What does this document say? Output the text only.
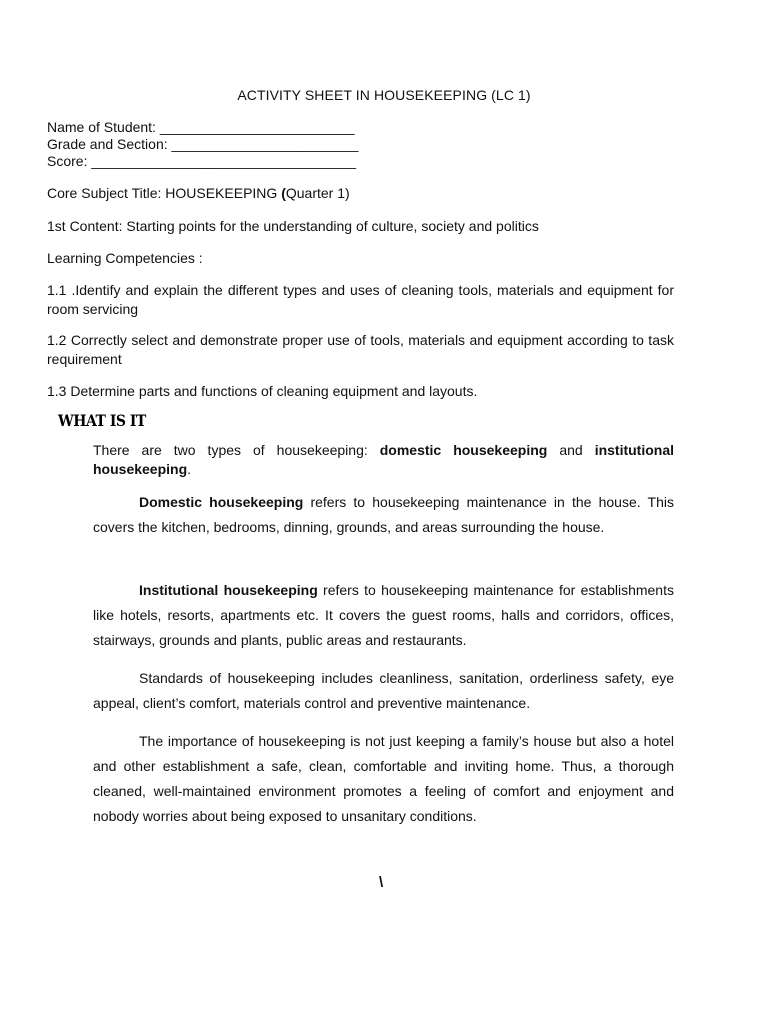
ACTIVITY SHEET IN HOUSEKEEPING (LC 1)
Name of Student: _________________________
Grade and Section: ________________________
Score: __________________________________
Core Subject Title: HOUSEKEEPING (Quarter 1)
1st Content: Starting points for the understanding of culture, society and politics
Learning Competencies :
1.1 .Identify and explain the different types and uses of cleaning tools, materials and equipment for room servicing
1.2 Correctly select and demonstrate proper use of tools, materials and equipment according to task requirement
1.3 Determine parts and functions of cleaning equipment and layouts.
WHAT IS IT
There are two types of housekeeping: domestic housekeeping and institutional housekeeping.
Domestic housekeeping refers to housekeeping maintenance in the house. This covers the kitchen, bedrooms, dinning, grounds, and areas surrounding the house.
Institutional housekeeping refers to housekeeping maintenance for establishments like hotels, resorts, apartments etc. It covers the guest rooms, halls and corridors, offices, stairways, grounds and plants, public areas and restaurants.
Standards of housekeeping includes cleanliness, sanitation, orderliness safety, eye appeal, client’s comfort, materials control and preventive maintenance.
The importance of housekeeping is not just keeping a family’s house but also a hotel and other establishment a safe, clean, comfortable and inviting home. Thus, a thorough cleaned, well-maintained environment promotes a feeling of comfort and enjoyment and nobody worries about being exposed to unsanitary conditions.
\
